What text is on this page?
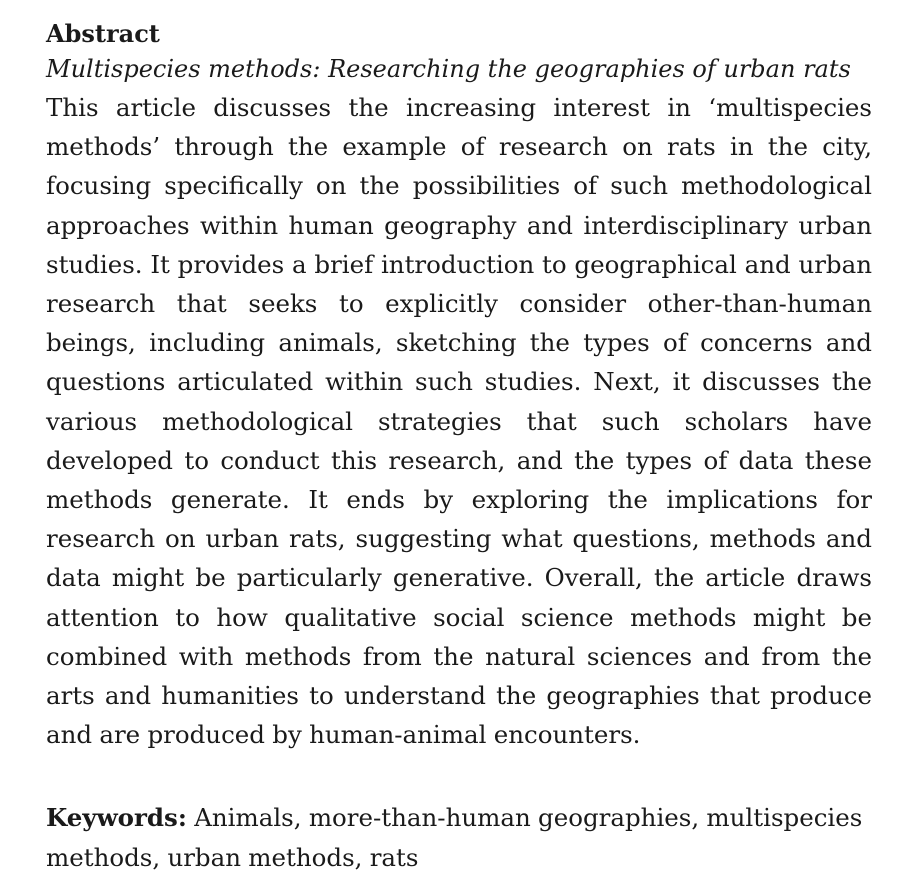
Abstract

Multispecies methods: Researching the geographies of urban rats

This article discusses the increasing interest in ‘multispecies methods’ through the example of research on rats in the city, focusing specifically on the possibilities of such methodological approaches within human geography and interdisciplinary urban studies. It provides a brief introduction to geographical and urban research that seeks to explicitly consider other-than-human beings, including animals, sketching the types of concerns and questions articulated within such studies. Next, it discusses the various methodological strategies that such scholars have developed to conduct this research, and the types of data these methods generate. It ends by exploring the implications for research on urban rats, suggesting what questions, methods and data might be particularly generative. Overall, the article draws attention to how qualitative social science methods might be combined with methods from the natural sciences and from the arts and humanities to understand the geographies that produce and are produced by human-animal encounters.

Keywords: Animals, more-than-human geographies, multispecies methods, urban methods, rats
